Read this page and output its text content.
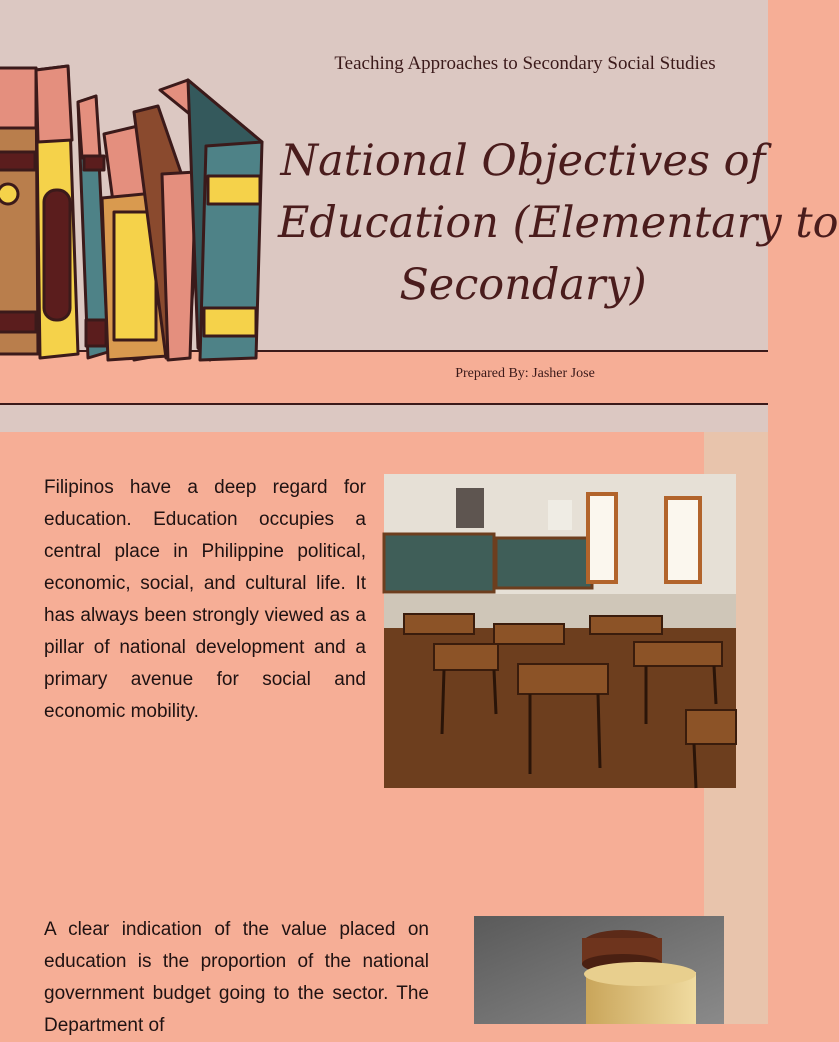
Teaching Approaches to Secondary Social Studies
National Objectives of
Education (Elementary to
Secondary)
Prepared By: Jasher Jose
Filipinos have a deep regard for education. Education occupies a central place in Philippine political, economic, social, and cultural life. It has always been strongly viewed as a pillar of national development and a primary avenue for social and economic mobility.
A clear indication of the value placed on education is the proportion of the national government budget going to the sector. The Department of
